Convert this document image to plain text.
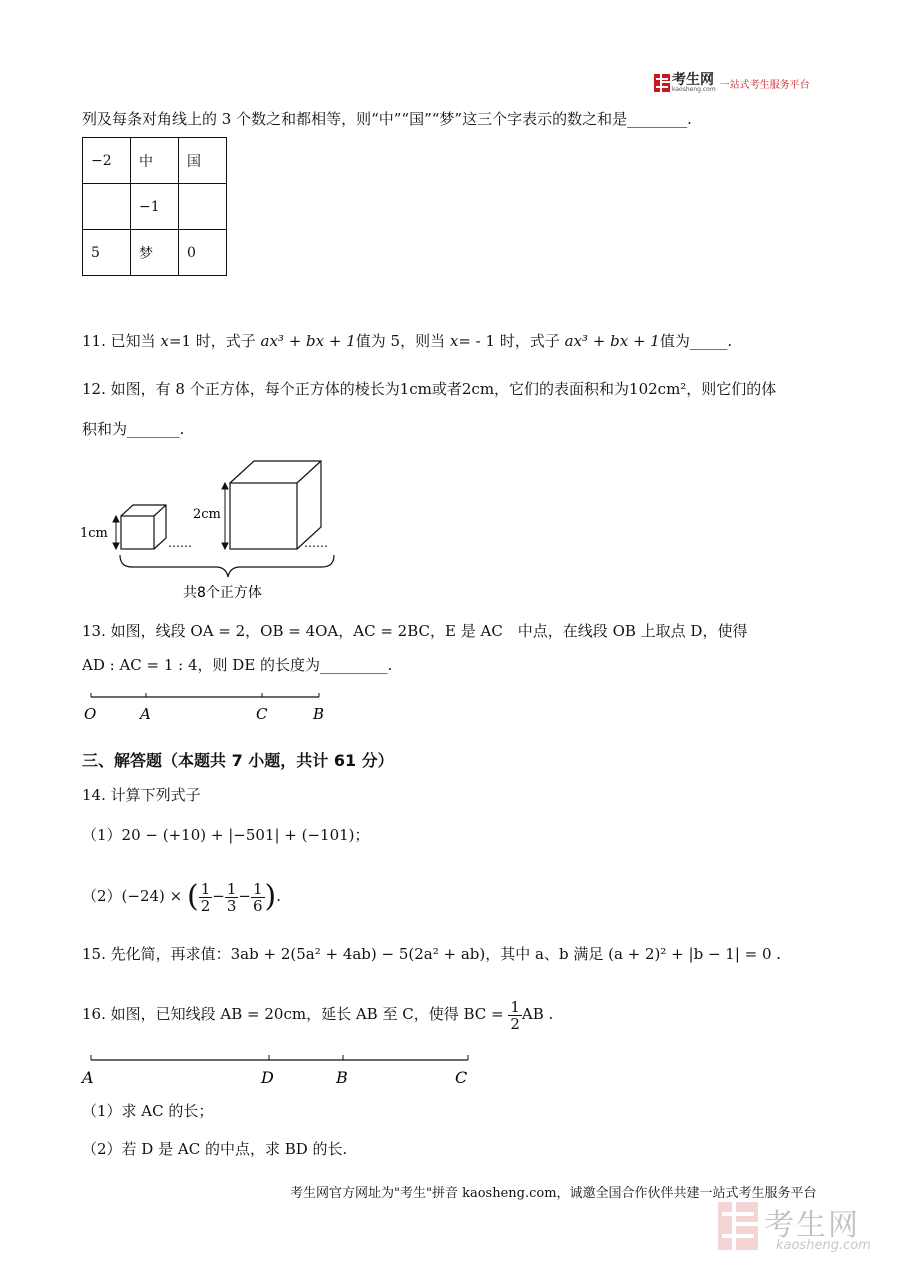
考生网
kaosheng.com 一站式考生服务平台
列及每条对角线上的 3 个数之和都相等，则“中”“国”“梦”这三个字表示的数之和是________.
−2	中	国
	−1	
5	梦	0
11. 已知当 x=1 时，式子 ax³ + bx + 1值为 5，则当 x= - 1 时，式子 ax³ + bx + 1值为_____.
12. 如图，有 8 个正方体，每个正方体的棱长为1cm或者2cm，它们的表面积和为102cm²，则它们的体
积和为_______.
1cm
……
2cm
……
共8个正方体
13. 如图，线段 OA = 2，OB = 4OA，AC = 2BC，E 是 AC　中点，在线段 OB 上取点 D，使得
AD : AC = 1 : 4，则 DE 的长度为_________.
O	A	C	B
三、解答题（本题共 7 小题，共计 61 分）
14. 计算下列式子
（1）20 − (+10) + |−501| + (−101)；
（2）(−24) × ( $\frac{1}{2} - \frac{1}{3} - \frac{1}{6}$ ).
15. 先化简，再求值：3ab + 2(5a² + 4ab) − 5(2a² + ab)，其中 a、b 满足 (a + 2)² + |b − 1| = 0 .
16. 如图，已知线段 AB = 20cm，延长 AB 至 C，使得 BC = $\frac{1}{2}$ AB .
A	D	B	C
（1）求 AC 的长；
（2）若 D 是 AC 的中点，求 BD 的长.
考生网官方网址为"考生"拼音 kaosheng.com，诚邀全国合作伙伴共建一站式考生服务平台
考生网
kaosheng.com
